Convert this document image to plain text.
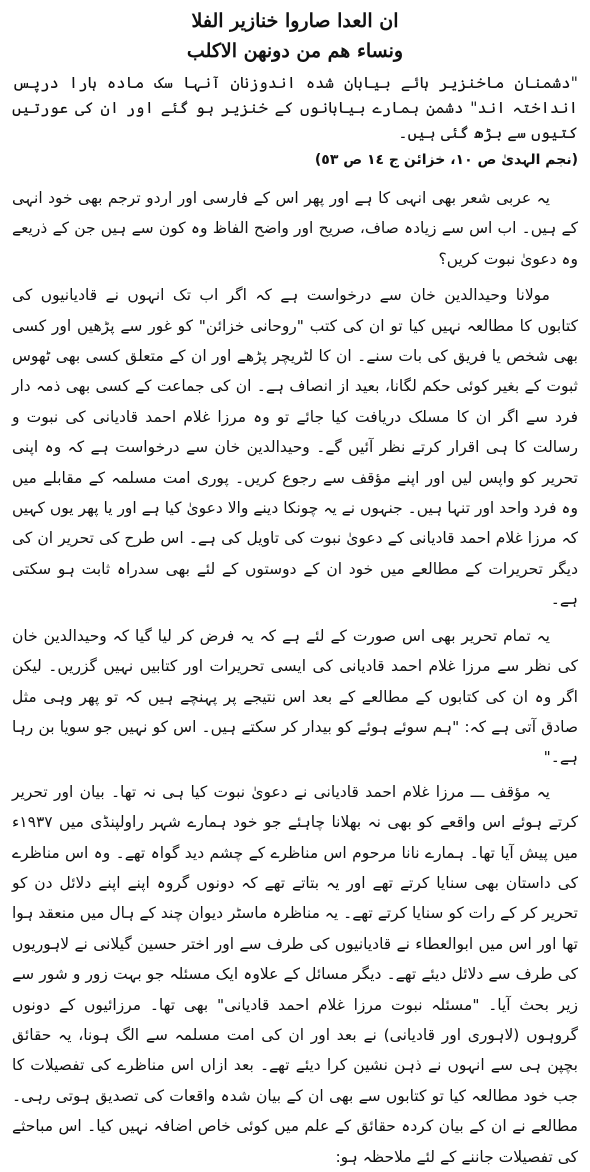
ان العدا صاروا خنازير الفلا

ونساء هم من دونهن الاكلب

"دشمنان ماخنزیر ہائے بیابان شدہ اندوزنان آنہا سک مادہ ہارا درپس انداختہ اند" دشمن ہمارے بیابانوں کے خنزیر ہو گئے اور ان کی عورتیں کتیوں سے بڑھ گئی ہیں۔

(نجم الہدیٰ ص ١٠، خزائن ج ١٤ ص ٥٣)

یہ عربی شعر بھی انہی کا ہے اور پھر اس کے فارسی اور اردو ترجم بھی خود انہی کے ہیں۔ اب اس سے زیادہ صاف، صریح اور واضح الفاظ وہ کون سے ہیں جن کے ذریعے وہ دعویٰ نبوت کریں؟

مولانا وحیدالدین خان سے درخواست ہے کہ اگر اب تک انہوں نے قادیانیوں کی کتابوں کا مطالعہ نہیں کیا تو ان کی کتب "روحانی خزائن" کو غور سے پڑھیں اور کسی بھی شخص یا فریق کی بات سنے۔ ان کا لٹریچر پڑھے اور ان کے متعلق کسی بھی ٹھوس ثبوت کے بغیر کوئی حکم لگانا، بعید از انصاف ہے۔ ان کی جماعت کے کسی بھی ذمہ دار فرد سے اگر ان کا مسلک دریافت کیا جائے تو وہ مرزا غلام احمد قادیانی کی نبوت و رسالت کا ہی اقرار کرتے نظر آئیں گے۔ وحیدالدین خان سے درخواست ہے کہ وہ اپنی تحریر کو واپس لیں اور اپنے مؤقف سے رجوع کریں۔ پوری امت مسلمہ کے مقابلے میں وہ فرد واحد اور تنہا ہیں۔ جنہوں نے یہ چونکا دینے والا دعویٰ کیا ہے اور یا پھر یوں کہیں کہ مرزا غلام احمد قادیانی کے دعویٰ نبوت کی تاویل کی ہے۔ اس طرح کی تحریر ان کی دیگر تحریرات کے مطالعے میں خود ان کے دوستوں کے لئے بھی سدراہ ثابت ہو سکتی ہے۔

یہ تمام تحریر بھی اس صورت کے لئے ہے کہ یہ فرض کر لیا گیا کہ وحیدالدین خان کی نظر سے مرزا غلام احمد قادیانی کی ایسی تحریرات اور کتابیں نہیں گزریں۔ لیکن اگر وہ ان کی کتابوں کے مطالعے کے بعد اس نتیجے پر پہنچے ہیں کہ تو پھر وہی مثل صادق آتی ہے کہ: "ہم سوئے ہوئے کو بیدار کر سکتے ہیں۔ اس کو نہیں جو سویا بن رہا ہے۔"

یہ مؤقف ـــ مرزا غلام احمد قادیانی نے دعویٰ نبوت کیا ہی نہ تھا۔ بیان اور تحریر کرتے ہوئے اس واقعے کو بھی نہ بھلانا چاہئے جو خود ہمارے شہر راولپنڈی میں ١٩٣٧ء میں پیش آیا تھا۔ ہمارے نانا مرحوم اس مناظرے کے چشم دید گواہ تھے۔ وہ اس مناظرے کی داستان بھی سنایا کرتے تھے اور یہ بتاتے تھے کہ دونوں گروہ اپنے اپنے دلائل دن کو تحریر کر کے رات کو سنایا کرتے تھے۔ یہ مناظرہ ماسٹر دیوان چند کے ہال میں منعقد ہوا تھا اور اس میں ابوالعطاء نے قادیانیوں کی طرف سے اور اختر حسین گیلانی نے لاہوریوں کی طرف سے دلائل دیئے تھے۔ دیگر مسائل کے علاوہ ایک مسئلہ جو بہت زور و شور سے زیر بحث آیا۔ "مسئلہ نبوت مرزا غلام احمد قادیانی" بھی تھا۔ مرزائیوں کے دونوں گروہوں (لاہوری اور قادیانی) نے بعد اور ان کی امت مسلمہ سے الگ ہونا، یہ حقائق بچپن ہی سے انہوں نے ذہن نشین کرا دیئے تھے۔ بعد ازاں اس مناظرے کی تفصیلات کا جب خود مطالعہ کیا تو کتابوں سے بھی ان کے بیان شدہ واقعات کی تصدیق ہوتی رہی۔ مطالعے نے ان کے بیان کردہ حقائق کے علم میں کوئی خاص اضافہ نہیں کیا۔ اس مباحثے کی تفصیلات جاننے کے لئے ملاحظہ ہو:
